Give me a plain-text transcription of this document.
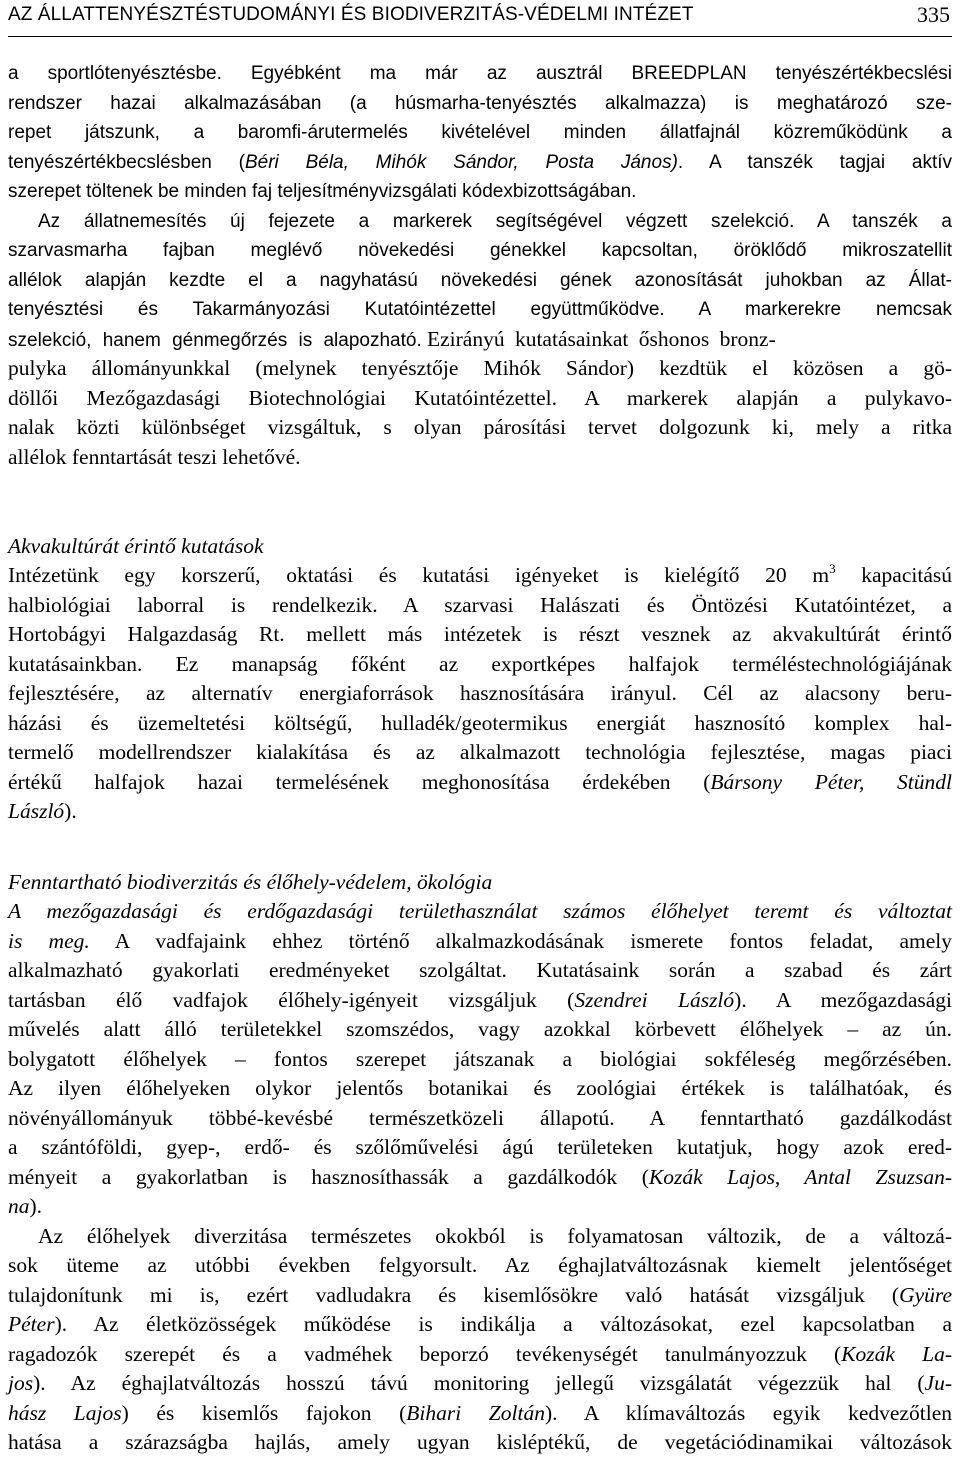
AZ ÁLLATTENYÉSZTÉSTUDOMÁNYI ÉS BIODIVERZITÁS-VÉDELMI INTÉZET	335
a sportlótenyésztésbe. Egyébként ma már az ausztrál BREEDPLAN tenyészértékbecslési
rendszer hazai alkalmazásában (a húsmarha-tenyésztés alkalmazza) is meghatározó sze-
repet játszunk, a baromfi-árutermelés kivételével minden állatfajnál közreműködünk a
tenyészértékbecslésben (Béri Béla, Mihók Sándor, Posta János). A tanszék tagjai aktív
szerepet töltenek be minden faj teljesítményvizsgálati kódexbizottságában.
Az állatnemesítés új fejezete a markerek segítségével végzett szelekció. A tanszék a
szarvasmarha fajban meglévő növekedési génekkel kapcsoltan, öröklődő mikroszatellit
allélok alapján kezdte el a nagyhatású növekedési gének azonosítását juhokban az Állat-
tenyésztési és Takarmányozási Kutatóintézettel együttműködve. A markerekre nemcsak
szelekció, hanem génmegőrzés is alapozható. Ezirányú kutatásainkat őshonos bronz-
pulyka állományunkkal (melynek tenyésztője Mihók Sándor) kezdtük el közösen a gö-
döllői Mezőgazdasági Biotechnológiai Kutatóintézettel. A markerek alapján a pulykavo-
nalak közti különbséget vizsgáltuk, s olyan párosítási tervet dolgozunk ki, mely a ritka
allélok fenntartását teszi lehetővé.
Akvakultúrát érintő kutatások
Intézetünk egy korszerű, oktatási és kutatási igényeket is kielégítő 20 $m^3$ kapacitású
halbiológiai laborral is rendelkezik. A szarvasi Halászati és Öntözési Kutatóintézet, a
Hortobágyi Halgazdaság Rt. mellett más intézetek is részt vesznek az akvakultúrát érintő
kutatásainkban. Ez manapság főként az exportképes halfajok terméléstechnológiájának
fejlesztésére, az alternatív energiaforrások hasznosítására irányul. Cél az alacsony beru-
házási és üzemeltetési költségű, hulladék/geotermikus energiát hasznosító komplex hal-
termelő modellrendszer kialakítása és az alkalmazott technológia fejlesztése, magas piaci
értékű halfajok hazai termelésének meghonosítása érdekében (Bársony Péter, Stündl
László).
Fenntartható biodiverzitás és élőhely-védelem, ökológia
A mezőgazdasági és erdőgazdasági területhasználat számos élőhelyet teremt és változtat
is meg. A vadfajaink ehhez történő alkalmazkodásának ismerete fontos feladat, amely
alkalmazható gyakorlati eredményeket szolgáltat. Kutatásaink során a szabad és zárt
tartásban élő vadfajok élőhely-igényeit vizsgáljuk (Szendrei László). A mezőgazdasági
művelés alatt álló területekkel szomszédos, vagy azokkal körbevett élőhelyek – az ún.
bolygatott élőhelyek – fontos szerepet játszanak a biológiai sokféleség megőrzésében.
Az ilyen élőhelyeken olykor jelentős botanikai és zoológiai értékek is találhatóak, és
növényállományuk többé-kevésbé természetközeli állapotú. A fenntartható gazdálkodást
a szántóföldi, gyep-, erdő- és szőlőművelési ágú területeken kutatjuk, hogy azok ered-
ményeit a gyakorlatban is hasznosíthassák a gazdálkodók (Kozák Lajos, Antal Zsuzsan-
na).
Az élőhelyek diverzitása természetes okokból is folyamatosan változik, de a változá-
sok üteme az utóbbi években felgyorsult. Az éghajlatváltozásnak kiemelt jelentőséget
tulajdonítunk mi is, ezért vadludakra és kisemlősökre való hatását vizsgáljuk (Gyüre
Péter). Az életközösségek működése is indikálja a változásokat, ezel kapcsolatban a
ragadozók szerepét és a vadméhek beporzó tevékenységét tanulmányozzuk (Kozák La-
jos). Az éghajlatváltozás hosszú távú monitoring jellegű vizsgálatát végezzük hal (Ju-
hász Lajos) és kisemlős fajokon (Bihari Zoltán). A klímaváltozás egyik kedvezőtlen
hatása a szárazságba hajlás, amely ugyan kisléptékű, de vegetációdinamikai változások
